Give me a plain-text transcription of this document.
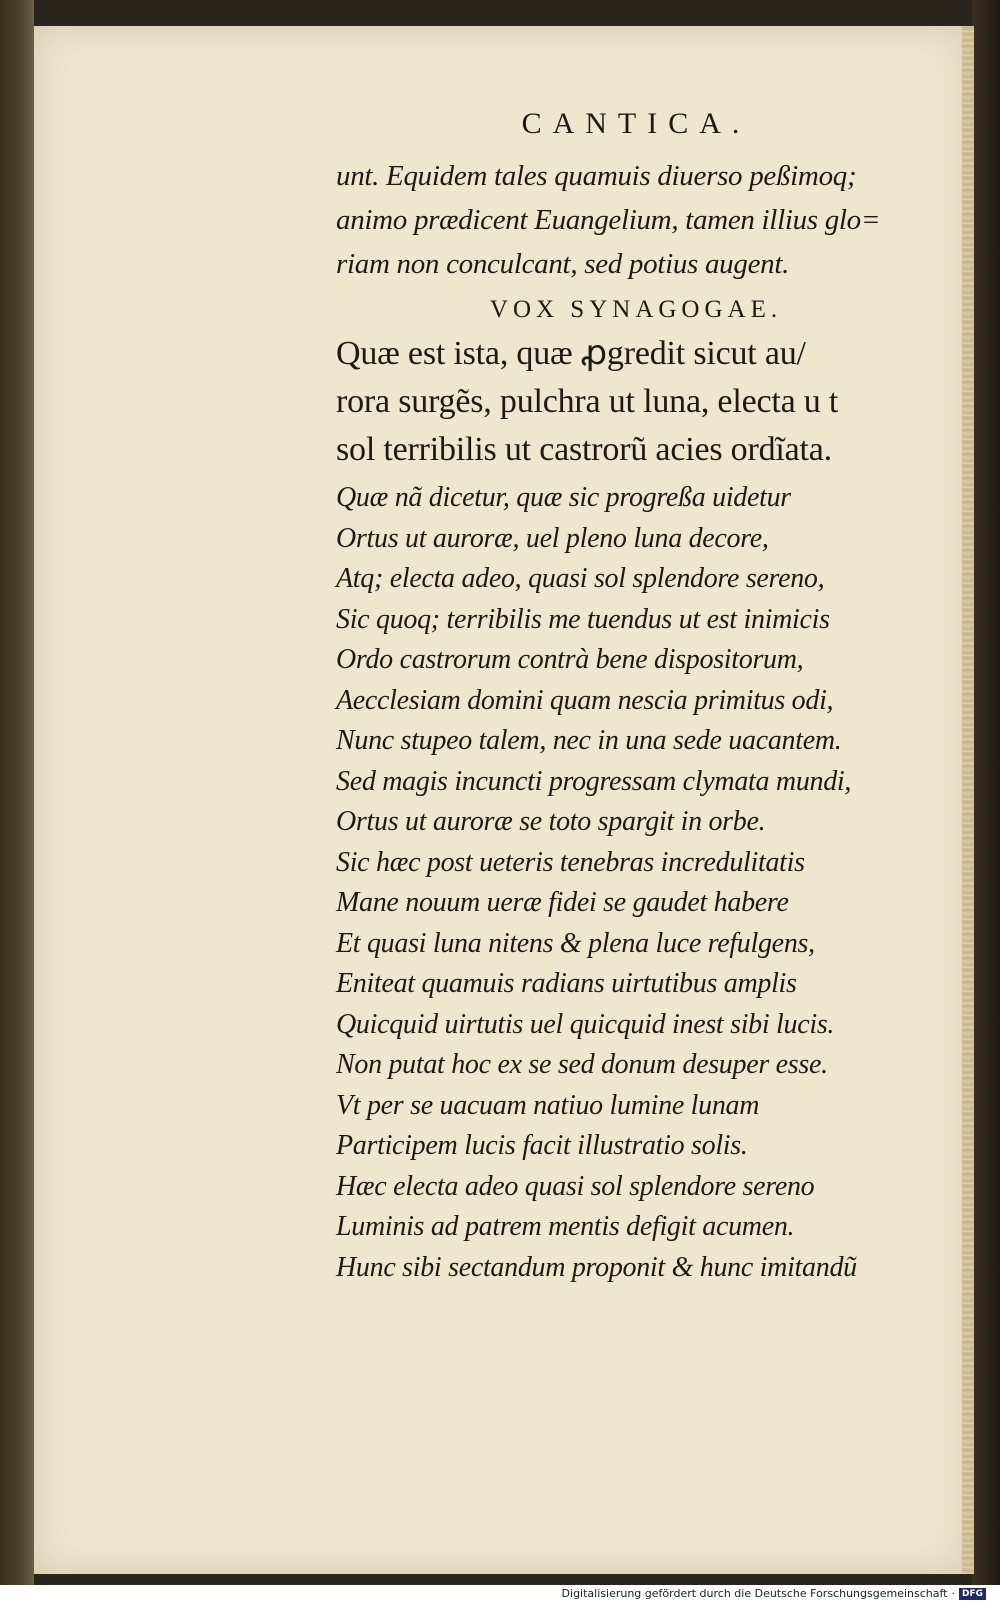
CANTICA.
unt. Equidem tales quamuis diuerso peßimoq;
animo prædicent Euangelium, tamen illius glo=
riam non conculcant, sed potius augent.
VOX SYNAGOGAE.
Quæ est ista, quæ ꝓgredit sicut au/
rora surgẽs, pulchra ut luna, electa u t
sol terribilis ut castrorũ acies ordĩata.
Quæ nã dicetur, quæ sic progreßa uidetur
Ortus ut auroræ, uel pleno luna decore,
Atq; electa adeo, quasi sol splendore sereno,
Sic quoq; terribilis me tuendus ut est inimicis
Ordo castrorum contrà bene dispositorum,
Aecclesiam domini quam nescia primitus odi,
Nunc stupeo talem, nec in una sede uacantem.
Sed magis incuncti progressam clymata mundi,
Ortus ut auroræ se toto spargit in orbe.
Sic hæc post ueteris tenebras incredulitatis
Mane nouum ueræ fidei se gaudet habere
Et quasi luna nitens & plena luce refulgens,
Eniteat quamuis radians uirtutibus amplis
Quicquid uirtutis uel quicquid inest sibi lucis.
Non putat hoc ex se sed donum desuper esse.
Vt per se uacuam natiuo lumine lunam
Participem lucis facit illustratio solis.
Hæc electa adeo quasi sol splendore sereno
Luminis ad patrem mentis defigit acumen.
Hunc sibi sectandum proponit & hunc imitandũ
Digitalisierung gefördert durch die Deutsche Forschungsgemeinschaft · DFG
